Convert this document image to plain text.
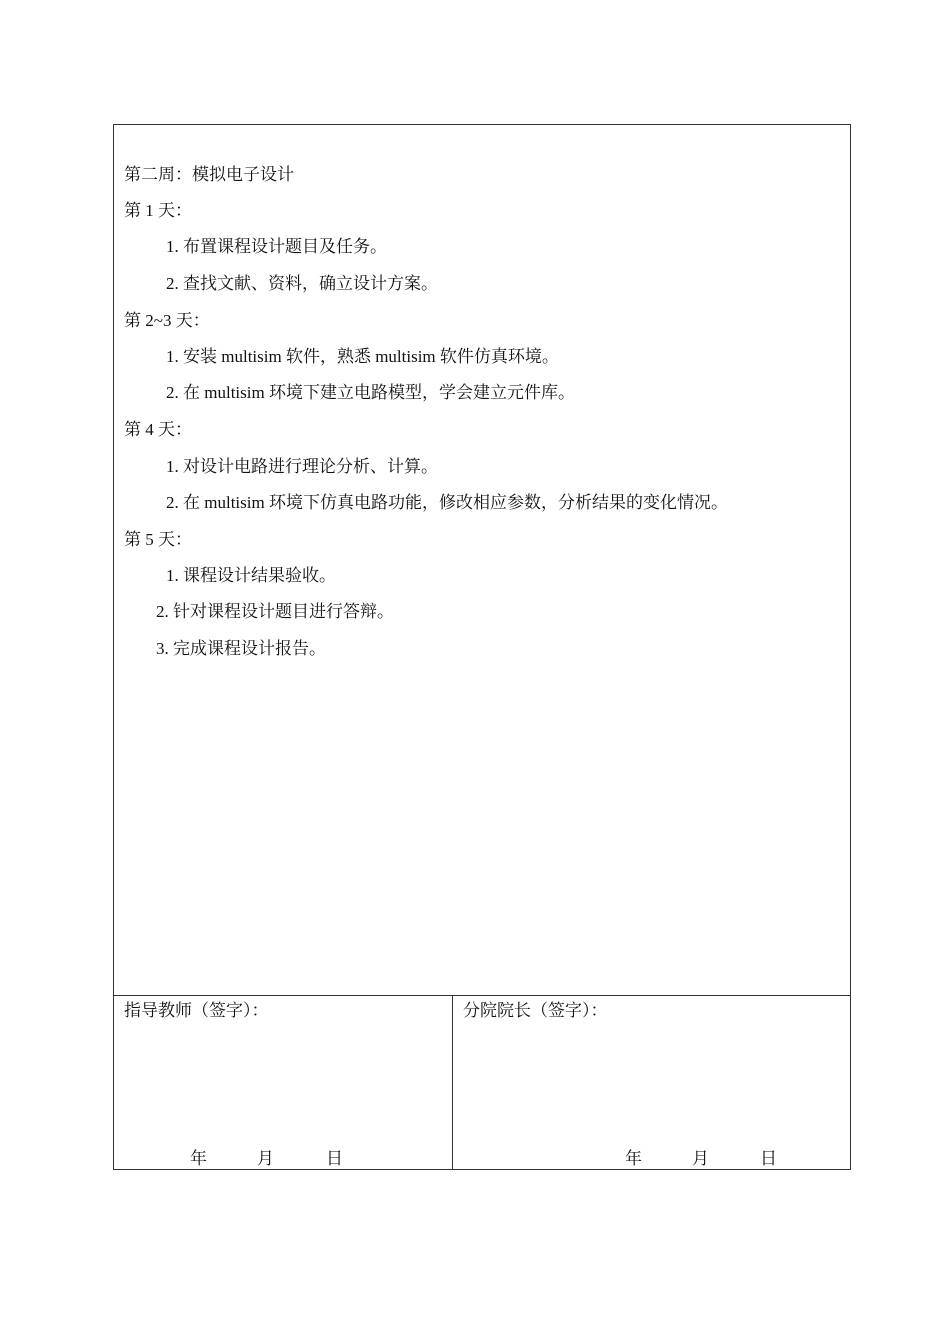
第二周：模拟电子设计
第 1 天：
1. 布置课程设计题目及任务。
2. 查找文献、资料，确立设计方案。
第 2~3 天：
1. 安装 multisim 软件，熟悉 multisim 软件仿真环境。
2. 在 multisim 环境下建立电路模型，学会建立元件库。
第 4 天：
1. 对设计电路进行理论分析、计算。
2. 在 multisim 环境下仿真电路功能，修改相应参数，分析结果的变化情况。
第 5 天：
1. 课程设计结果验收。
2. 针对课程设计题目进行答辩。
3. 完成课程设计报告。
指导教师（签字）：
年	月	日
分院院长（签字）：
年	月	日
